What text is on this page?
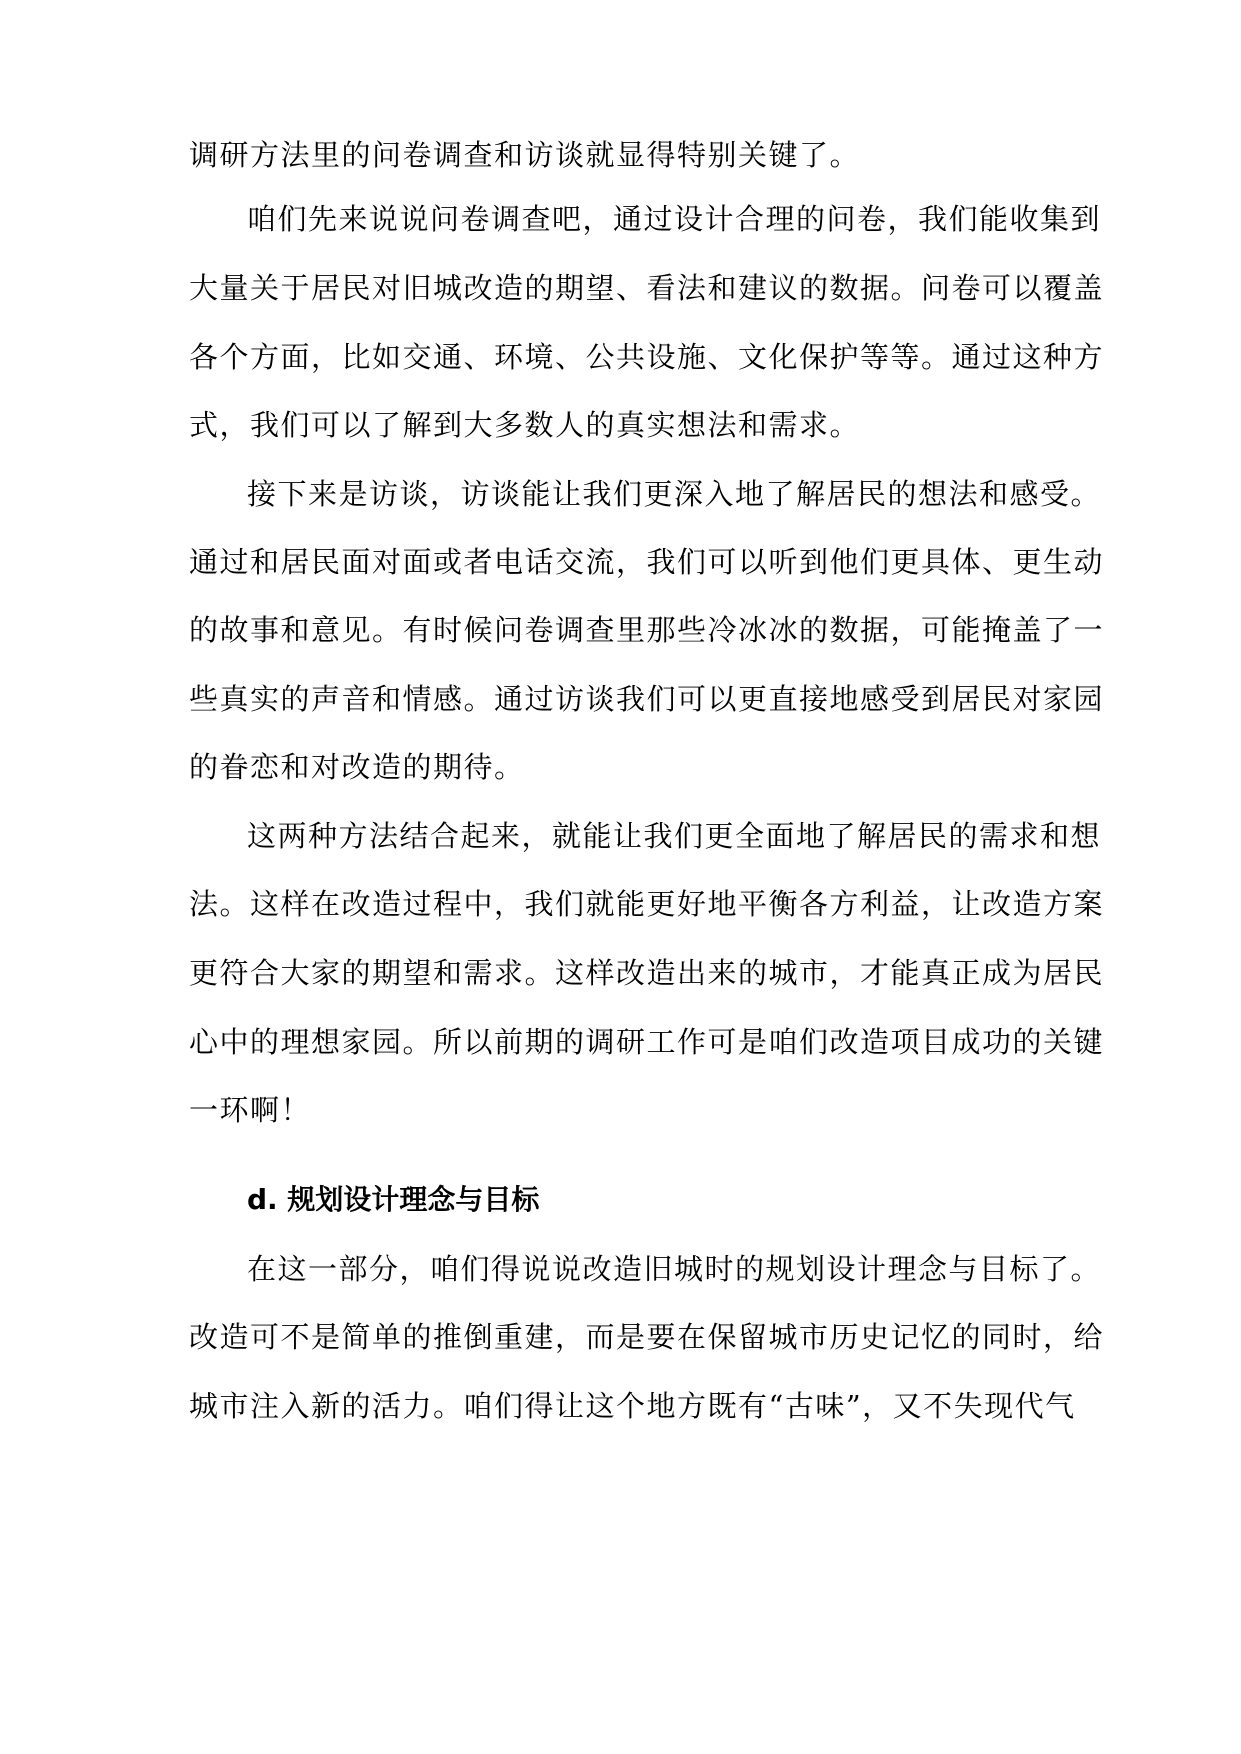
调研方法里的问卷调查和访谈就显得特别关键了。
咱们先来说说问卷调查吧，通过设计合理的问卷，我们能收集到
大量关于居民对旧城改造的期望、看法和建议的数据。问卷可以覆盖
各个方面，比如交通、环境、公共设施、文化保护等等。通过这种方
式，我们可以了解到大多数人的真实想法和需求。
接下来是访谈，访谈能让我们更深入地了解居民的想法和感受。
通过和居民面对面或者电话交流，我们可以听到他们更具体、更生动
的故事和意见。有时候问卷调查里那些冷冰冰的数据，可能掩盖了一
些真实的声音和情感。通过访谈我们可以更直接地感受到居民对家园
的眷恋和对改造的期待。
这两种方法结合起来，就能让我们更全面地了解居民的需求和想
法。这样在改造过程中，我们就能更好地平衡各方利益，让改造方案
更符合大家的期望和需求。这样改造出来的城市，才能真正成为居民
心中的理想家园。所以前期的调研工作可是咱们改造项目成功的关键
一环啊！
d. 规划设计理念与目标
在这一部分，咱们得说说改造旧城时的规划设计理念与目标了。
改造可不是简单的推倒重建，而是要在保留城市历史记忆的同时，给
城市注入新的活力。咱们得让这个地方既有“古味”，又不失现代气
